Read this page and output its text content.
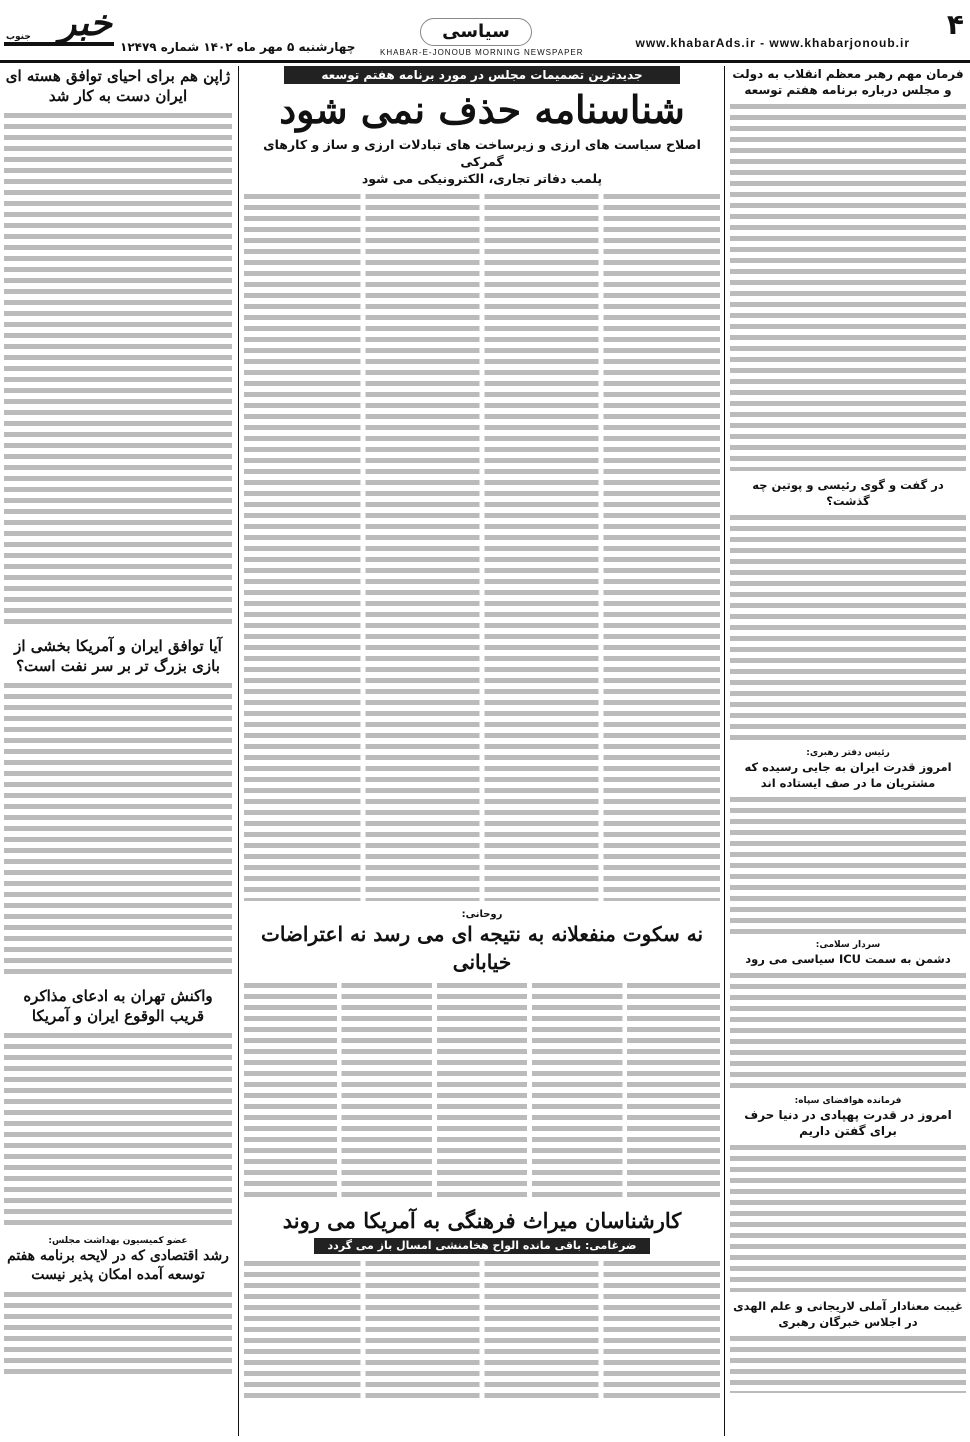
۴
www.khabarAds.ir - www.khabarjonoub.ir
سیاسی
KHABAR-E-JONOUB MORNING NEWSPAPER
چهارشنبه ۵ مهر ماه ۱۴۰۲ شماره ۱۲۴۷۹
خبر
جنوب
فرمان مهم رهبر معظم انقلاب به دولت و مجلس درباره برنامه هفتم توسعه
در گفت و گوی رئیسی و پوتین چه گذشت؟
رئیس دفتر رهبری:
امروز قدرت ایران به جایی رسیده که مشتریان ما در صف ایستاده اند
سردار سلامی:
دشمن به سمت ICU سیاسی می رود
فرمانده هوافضای سپاه:
امروز در قدرت پهپادی در دنیا حرف برای گفتن داریم
غیبت معنادار آملی لاریجانی و علم الهدی در اجلاس خبرگان رهبری
جدیدترین تصمیمات مجلس در مورد برنامه هفتم توسعه
شناسنامه حذف نمی شود
اصلاح سیاست های ارزی و زیرساخت های تبادلات ارزی و ساز و کارهای گمرکی
پلمب دفاتر تجاری، الکترونیکی می شود
روحانی:
نه سکوت منفعلانه به نتیجه ای می رسد نه اعتراضات خیابانی
کارشناسان میراث فرهنگی به آمریکا می روند
ضرغامی: باقی مانده الواح هخامنشی امسال باز می گردد
ژاپن هم برای احیای توافق هسته ای ایران دست به کار شد
آیا توافق ایران و آمریکا بخشی از بازی بزرگ تر بر سر نفت است؟
واکنش تهران به ادعای مذاکره قریب الوقوع ایران و آمریکا
عضو کمیسیون بهداشت مجلس:
رشد اقتصادی که در لایحه برنامه هفتم توسعه آمده امکان پذیر نیست
